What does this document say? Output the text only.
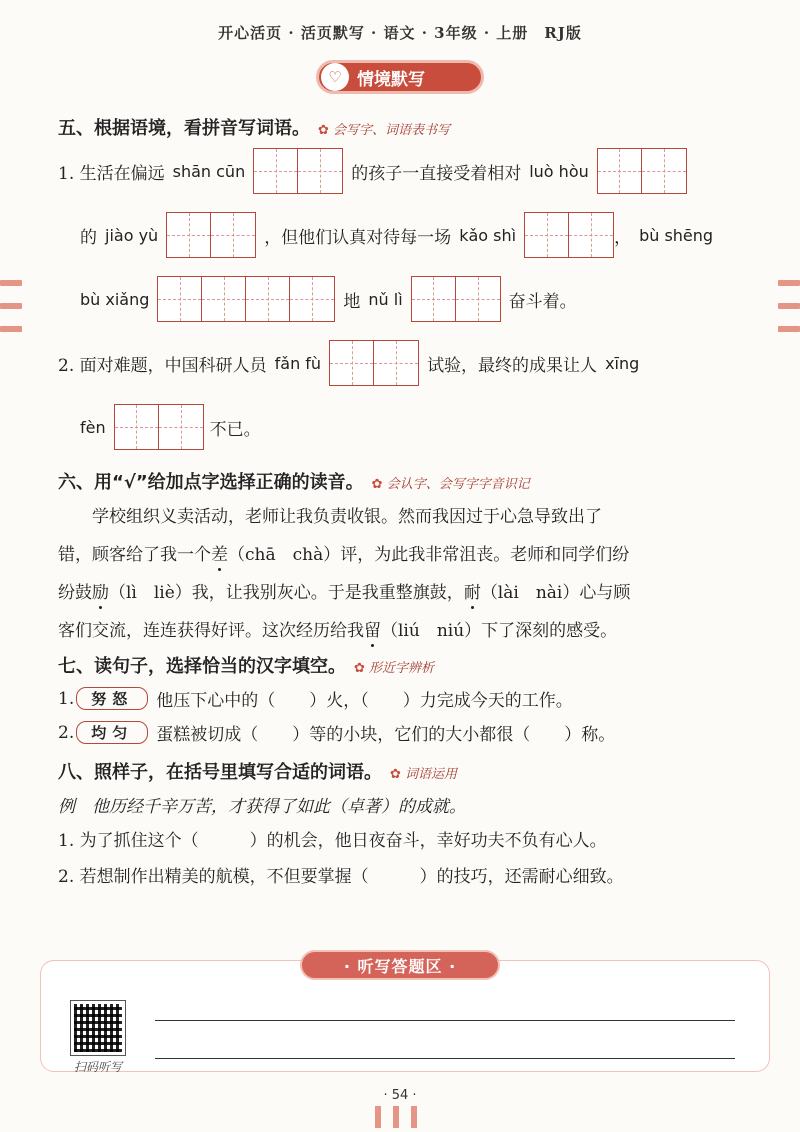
开心活页 · 活页默写 · 语文 · 3年级 · 上册　RJ版
♡ 情境默写
五、根据语境，看拼音写词语。 ✿ 会写字、词语表书写
1. 生活在偏远 shān cūn	的孩子一直接受着相对 luò hòu
的 jiào yù	，但他们认真对待每一场 kǎo shì	， bù shēng
bù xiǎng	地 nǔ lì	奋斗着。
2. 面对难题，中国科研人员 fǎn fù	试验，最终的成果让人 xīng
fèn	不已。
六、用“√”给加点字选择正确的读音。 ✿ 会认字、会写字字音识记

　　学校组织义卖活动，老师让我负责收银。然而我因过于心急导致出了

错，顾客给了我一个差（chā　chà）评，为此我非常沮丧。老师和同学们纷

纷鼓励（lì　liè）我，让我别灰心。于是我重整旗鼓，耐（lài　nài）心与顾

客们交流，连连获得好评。这次经历给我留（liú　niú）下了深刻的感受。

七、读句子，选择恰当的汉字填空。 ✿ 形近字辨析
1.	努怒	他压下心中的（　　）火，（　　）力完成今天的工作。
2.	均匀	蛋糕被切成（　　）等的小块，它们的大小都很（　　）称。
八、照样子，在括号里填写合适的词语。 ✿ 词语运用
例　他历经千辛万苦，才获得了如此（卓著）的成就。
1. 为了抓住这个（　　　）的机会，他日夜奋斗，幸好功夫不负有心人。
2. 若想制作出精美的航模，不但要掌握（　　　）的技巧，还需耐心细致。
· 听写答题区 ·
扫码听写
· 54 ·
